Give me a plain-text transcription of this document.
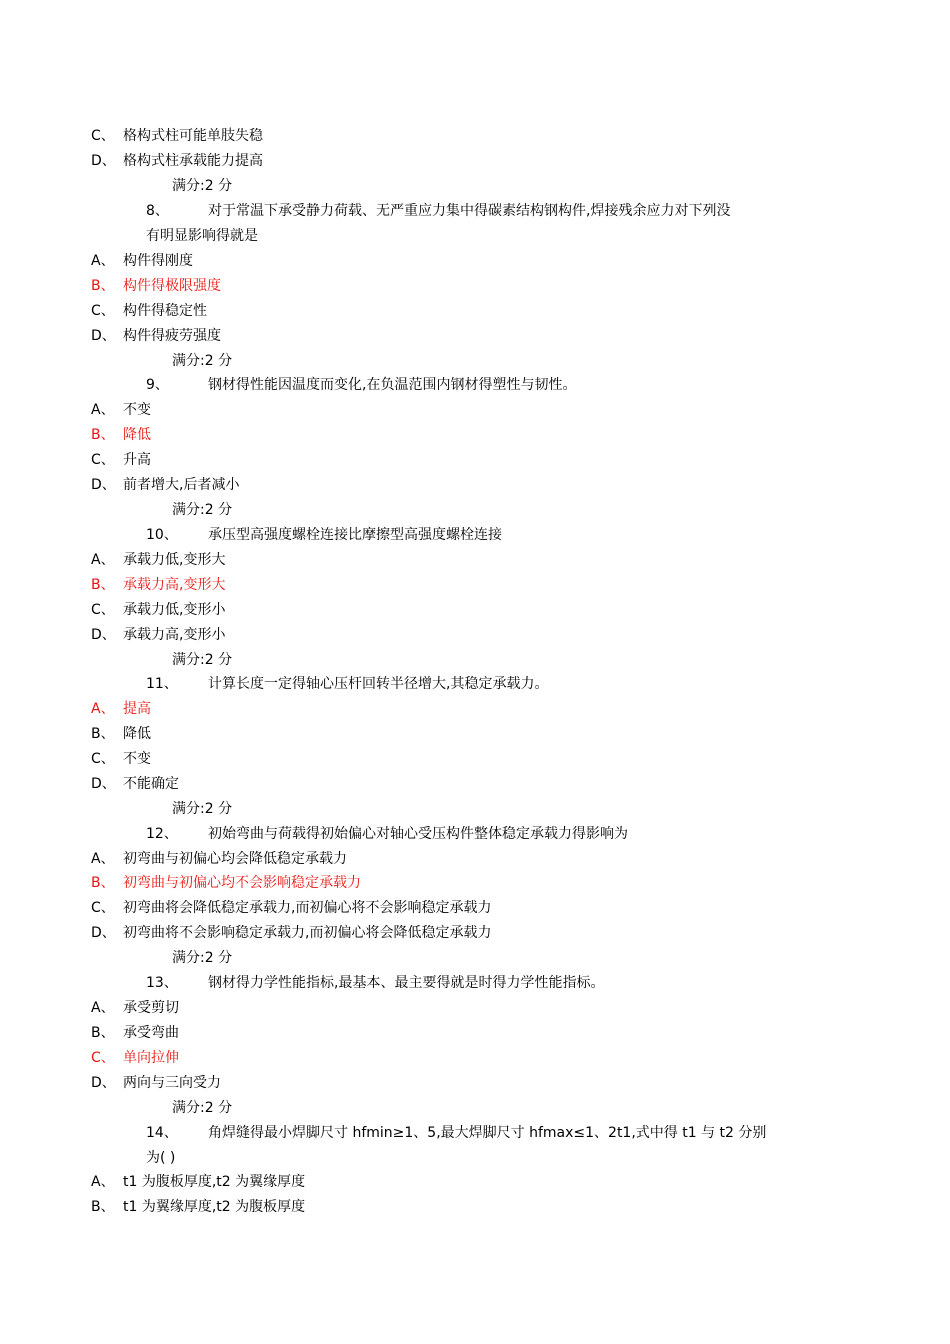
C、 格构式柱可能单肢失稳
D、 格构式柱承载能力提高
满分:2 分
8、	对于常温下承受静力荷载、无严重应力集中得碳素结构钢构件,焊接残余应力对下列没
有明显影响得就是
A、 构件得刚度
B、 构件得极限强度
C、 构件得稳定性
D、 构件得疲劳强度
满分:2 分
9、	钢材得性能因温度而变化,在负温范围内钢材得塑性与韧性。
A、 不变
B、 降低
C、 升高
D、 前者增大,后者减小
满分:2 分
10、 承压型高强度螺栓连接比摩擦型高强度螺栓连接
A、 承载力低,变形大
B、 承载力高,变形大
C、 承载力低,变形小
D、 承载力高,变形小
满分:2 分
11、 计算长度一定得轴心压杆回转半径增大,其稳定承载力。
A、 提高
B、 降低
C、 不变
D、 不能确定
满分:2 分
12、 初始弯曲与荷载得初始偏心对轴心受压构件整体稳定承载力得影响为
A、 初弯曲与初偏心均会降低稳定承载力
B、 初弯曲与初偏心均不会影响稳定承载力
C、 初弯曲将会降低稳定承载力,而初偏心将不会影响稳定承载力
D、 初弯曲将不会影响稳定承载力,而初偏心将会降低稳定承载力
满分:2 分
13、 钢材得力学性能指标,最基本、最主要得就是时得力学性能指标。
A、 承受剪切
B、 承受弯曲
C、 单向拉伸
D、 两向与三向受力
满分:2 分
14、 角焊缝得最小焊脚尺寸 hfmin≥1、5,最大焊脚尺寸 hfmax≤1、2t1,式中得 t1 与 t2 分别
为( )
A、 t1 为腹板厚度,t2 为翼缘厚度
B、 t1 为翼缘厚度,t2 为腹板厚度
